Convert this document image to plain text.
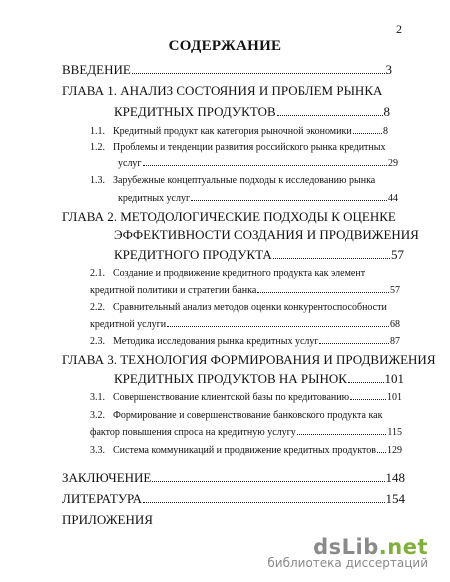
2
СОДЕРЖАНИЕ
ВВЕДЕНИЕ	3
ГЛАВА 1. АНАЛИЗ СОСТОЯНИЯ И ПРОБЛЕМ РЫНКА
КРЕДИТНЫХ ПРОДУКТОВ	8
1.1. Кредитный продукт как категория рыночной экономики	8
1.2. Проблемы и тенденции развития российского рынка кредитных
услуг	29
1.3. Зарубежные концептуальные подходы к исследованию рынка
кредитных услуг	44
ГЛАВА 2. МЕТОДОЛОГИЧЕСКИЕ ПОДХОДЫ К ОЦЕНКЕ
ЭФФЕКТИВНОСТИ СОЗДАНИЯ И ПРОДВИЖЕНИЯ
КРЕДИТНОГО ПРОДУКТА	57
2.1. Создание и продвижение кредитного продукта как элемент
кредитной политики и стратегии банка	57
2.2. Сравнительный анализ методов оценки конкурентоспособности
кредитной услуги	68
2.3. Методика исследования рынка кредитных услуг	87
ГЛАВА 3. ТЕХНОЛОГИЯ ФОРМИРОВАНИЯ И ПРОДВИЖЕНИЯ
КРЕДИТНЫХ ПРОДУКТОВ НА РЫНОК	101
3.1. Совершенствование клиентской базы по кредитованию	101
3.2. Формирование и совершенствование банковского продукта как
фактор повышения спроса на кредитную услугу	115
3.3. Система коммуникаций и продвижение кредитных продуктов 129
ЗАКЛЮЧЕНИЕ	148
ЛИТЕРАТУРА	154
ПРИЛОЖЕНИЯ
dsLib.net
библиотека диссертаций
